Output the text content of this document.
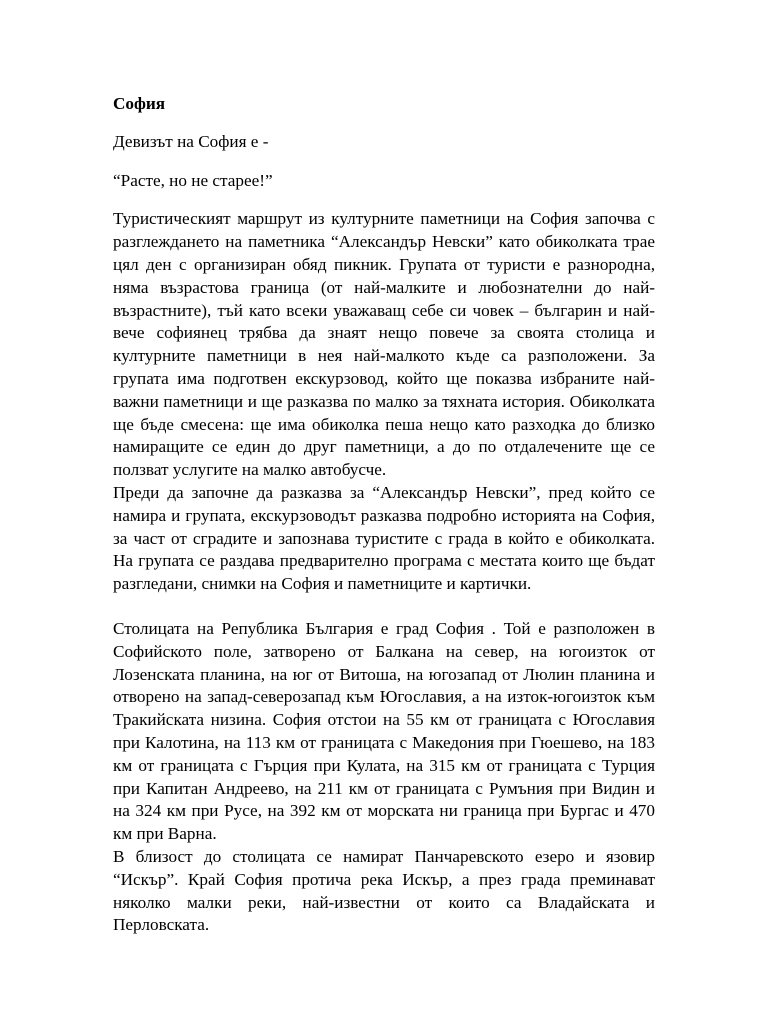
София
Девизът на София е -
“Расте, но не старее!”

Туристическият маршрут из културните паметници на София започва с разглеждането на паметника “Александър Невски” като обиколката трае цял ден с организиран обяд пикник. Групата от туристи е разнородна, няма възрастова граница (от най-малките и любознателни до най-възрастните), тъй като всеки уважаващ себе си човек – българин и най-вече софиянец трябва да знаят нещо повече за своята столица и културните паметници в нея най-малкото къде са разположени. За групата има подготвен екскурзовод, който ще показва избраните най-важни паметници и ще разказва по малко за тяхната история. Обиколката ще бъде смесена: ще има обиколка пеша нещо като разходка до близко намиращите се един до друг паметници, а до по отдалечените ще се ползват услугите на малко автобусче.

Преди да започне да разказва за “Александър Невски”, пред който се намира и групата, екскурзоводът разказва подробно историята на София, за част от сградите и запознава туристите с града в който е обиколката. На групата се раздава предварително програма с местата които ще бъдат разгледани, снимки на София и паметниците и картички.

Столицата на Република България е град София . Той е разположен в Софийското поле, затворено от Балкана на север, на югоизток от Лозенската планина, на юг от Витоша, на югозапад от Люлин планина и отворено на запад-северозапад към Югославия, а на изток-югоизток към Тракийската низина. София отстои на 55 км от границата с Югославия при Калотина, на 113 км от границата с Македония при Гюешево, на 183 км от границата с Гърция при Кулата, на 315 км от границата с Турция при Капитан Андреево, на 211 км от границата с Румъния при Видин и на 324 км при Русе, на 392 км от морската ни граница при Бургас и 470 км при Варна.

В близост до столицата се намират Панчаревското езеро и язовир “Искър”. Край София протича река Искър, а през града преминават няколко малки реки, най-известни от които са Владайската и Перловската.
